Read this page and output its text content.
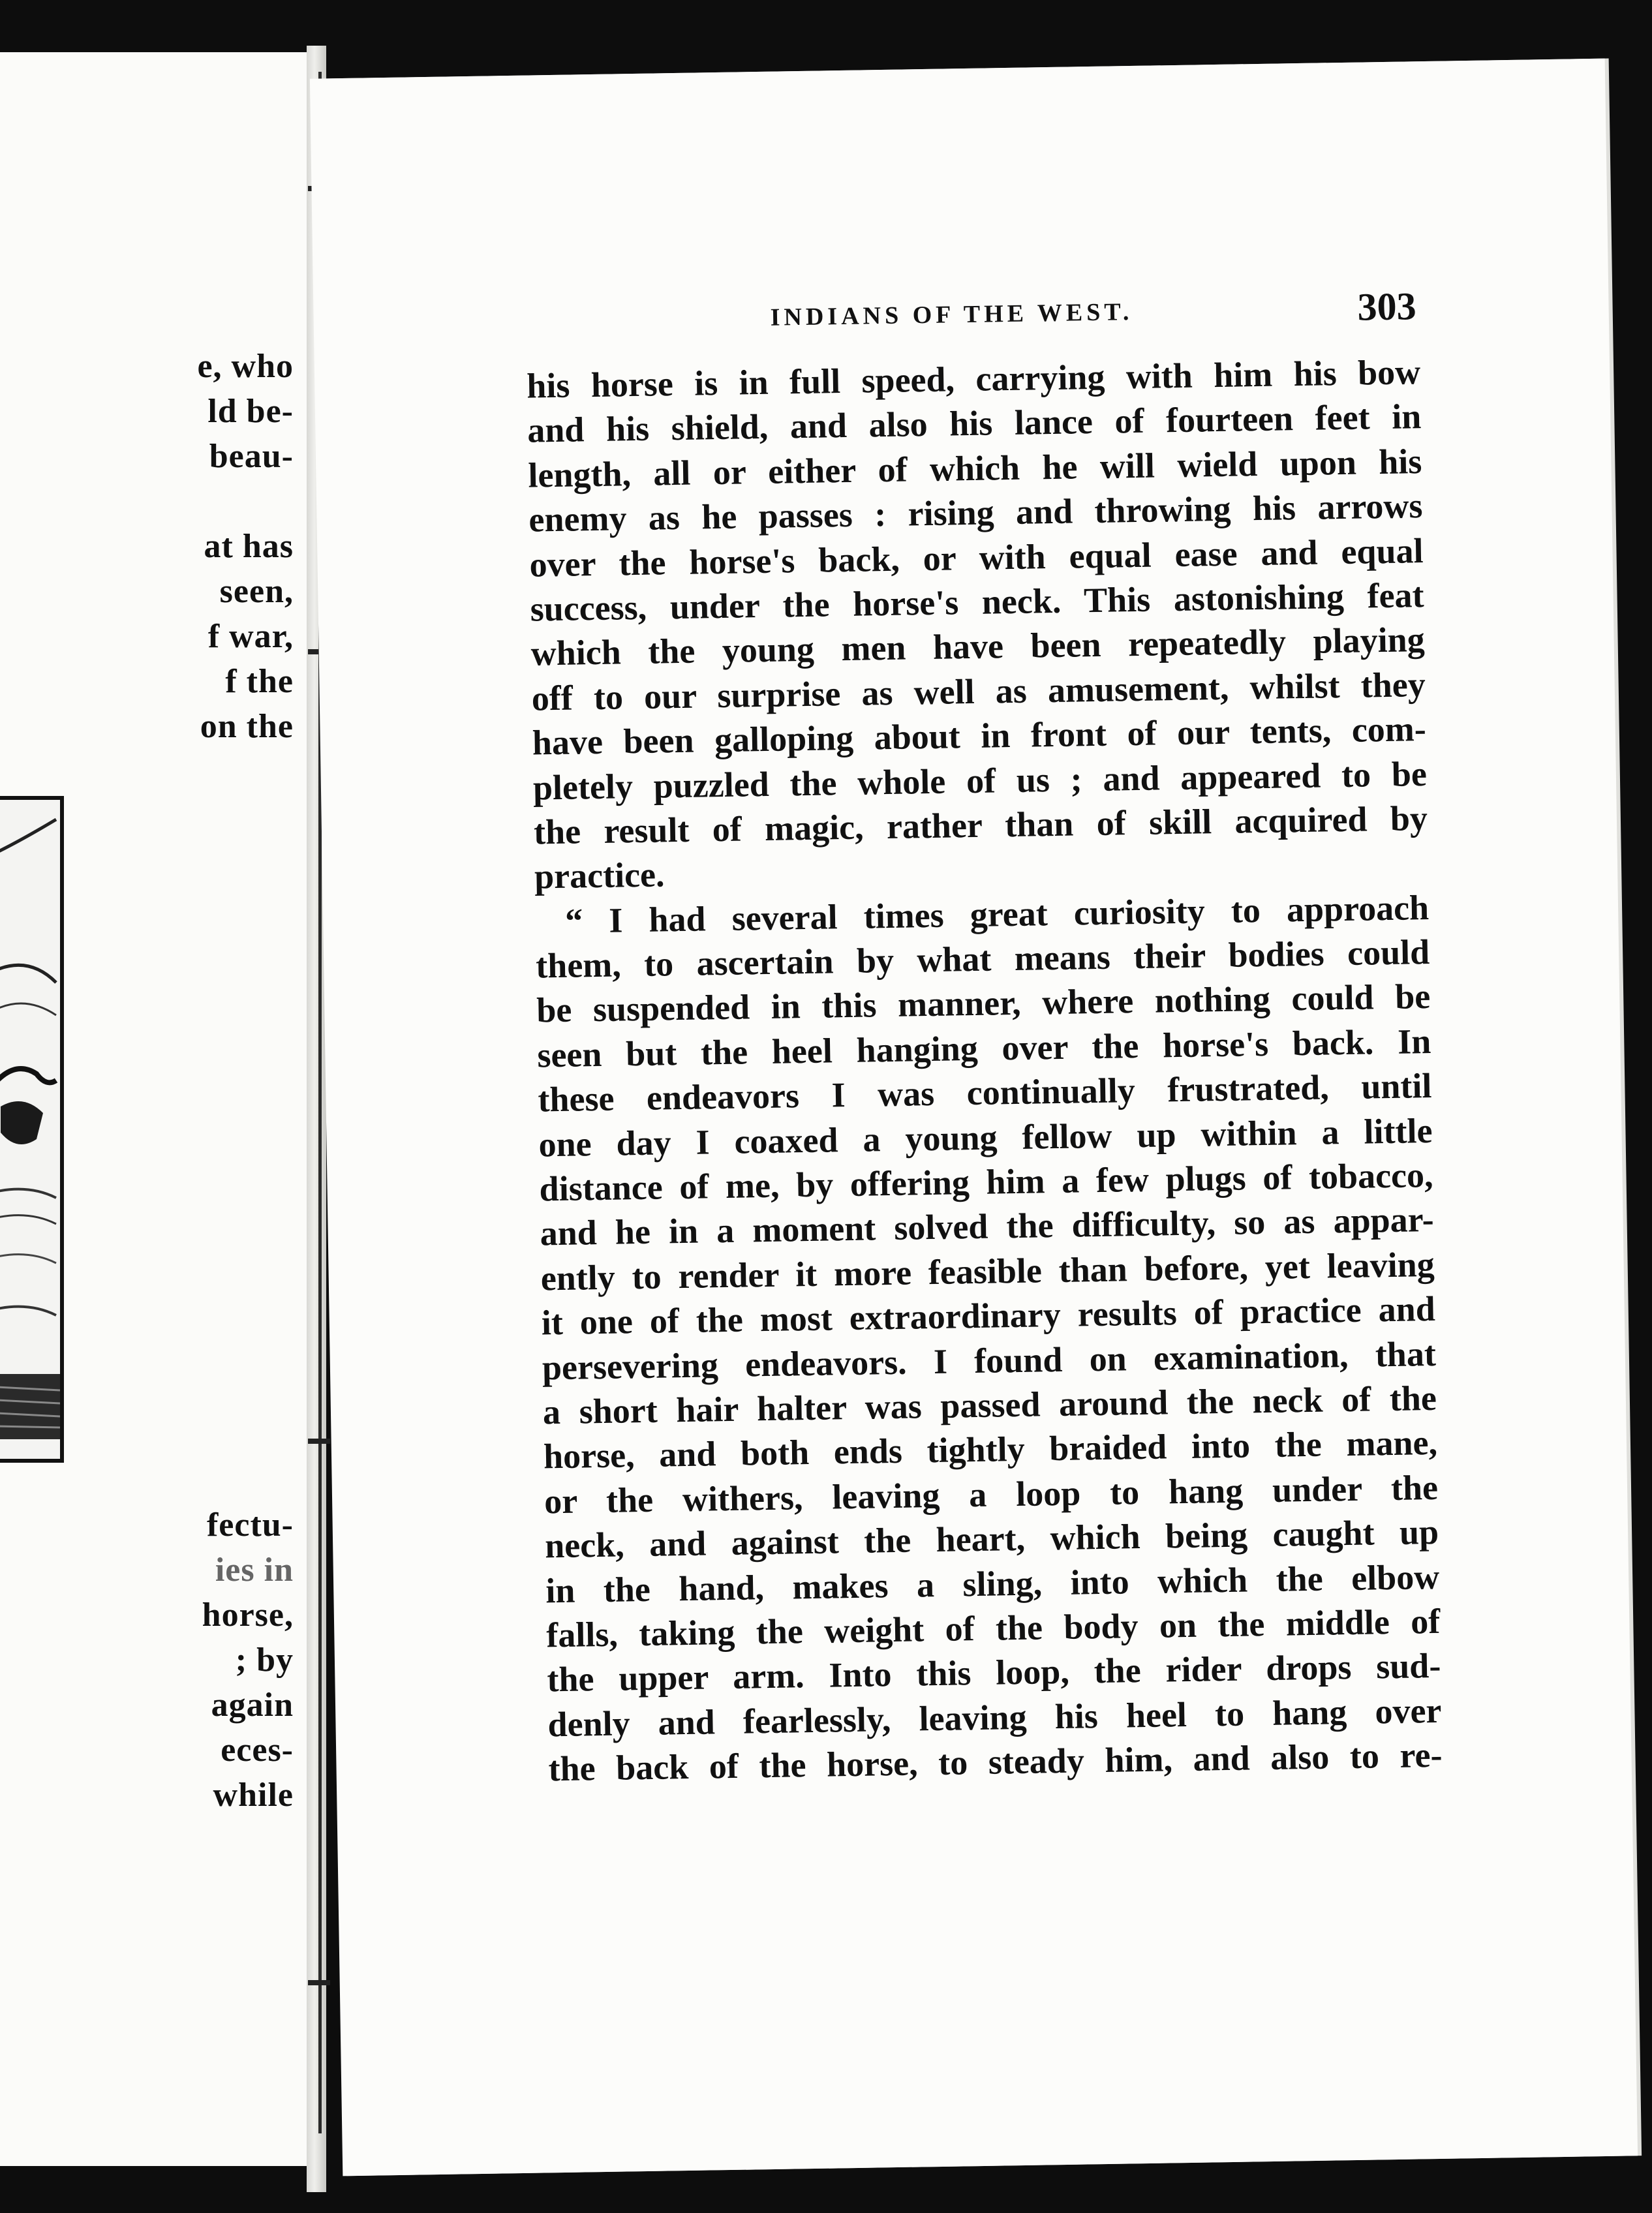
e, who
ld be-
beau-
at has
seen,
f war,
f the
on the
fectu-
ies in
horse,
; by
again
eces-
while
INDIANS OF THE WEST.	303
his horse is in full speed, carrying with him his bow
and his shield, and also his lance of fourteen feet in
length, all or either of which he will wield upon his
enemy as he passes : rising and throwing his arrows
over the horse's back, or with equal ease and equal
success, under the horse's neck. This astonishing feat
which the young men have been repeatedly playing
off to our surprise as well as amusement, whilst they
have been galloping about in front of our tents, com-
pletely puzzled the whole of us ; and appeared to be
the result of magic, rather than of skill acquired by
practice.
“ I had several times great curiosity to approach
them, to ascertain by what means their bodies could
be suspended in this manner, where nothing could be
seen but the heel hanging over the horse's back. In
these endeavors I was continually frustrated, until
one day I coaxed a young fellow up within a little
distance of me, by offering him a few plugs of tobacco,
and he in a moment solved the difficulty, so as appar-
ently to render it more feasible than before, yet leaving
it one of the most extraordinary results of practice and
persevering endeavors. I found on examination, that
a short hair halter was passed around the neck of the
horse, and both ends tightly braided into the mane,
or the withers, leaving a loop to hang under the
neck, and against the heart, which being caught up
in the hand, makes a sling, into which the elbow
falls, taking the weight of the body on the middle of
the upper arm. Into this loop, the rider drops sud-
denly and fearlessly, leaving his heel to hang over
the back of the horse, to steady him, and also to re-
